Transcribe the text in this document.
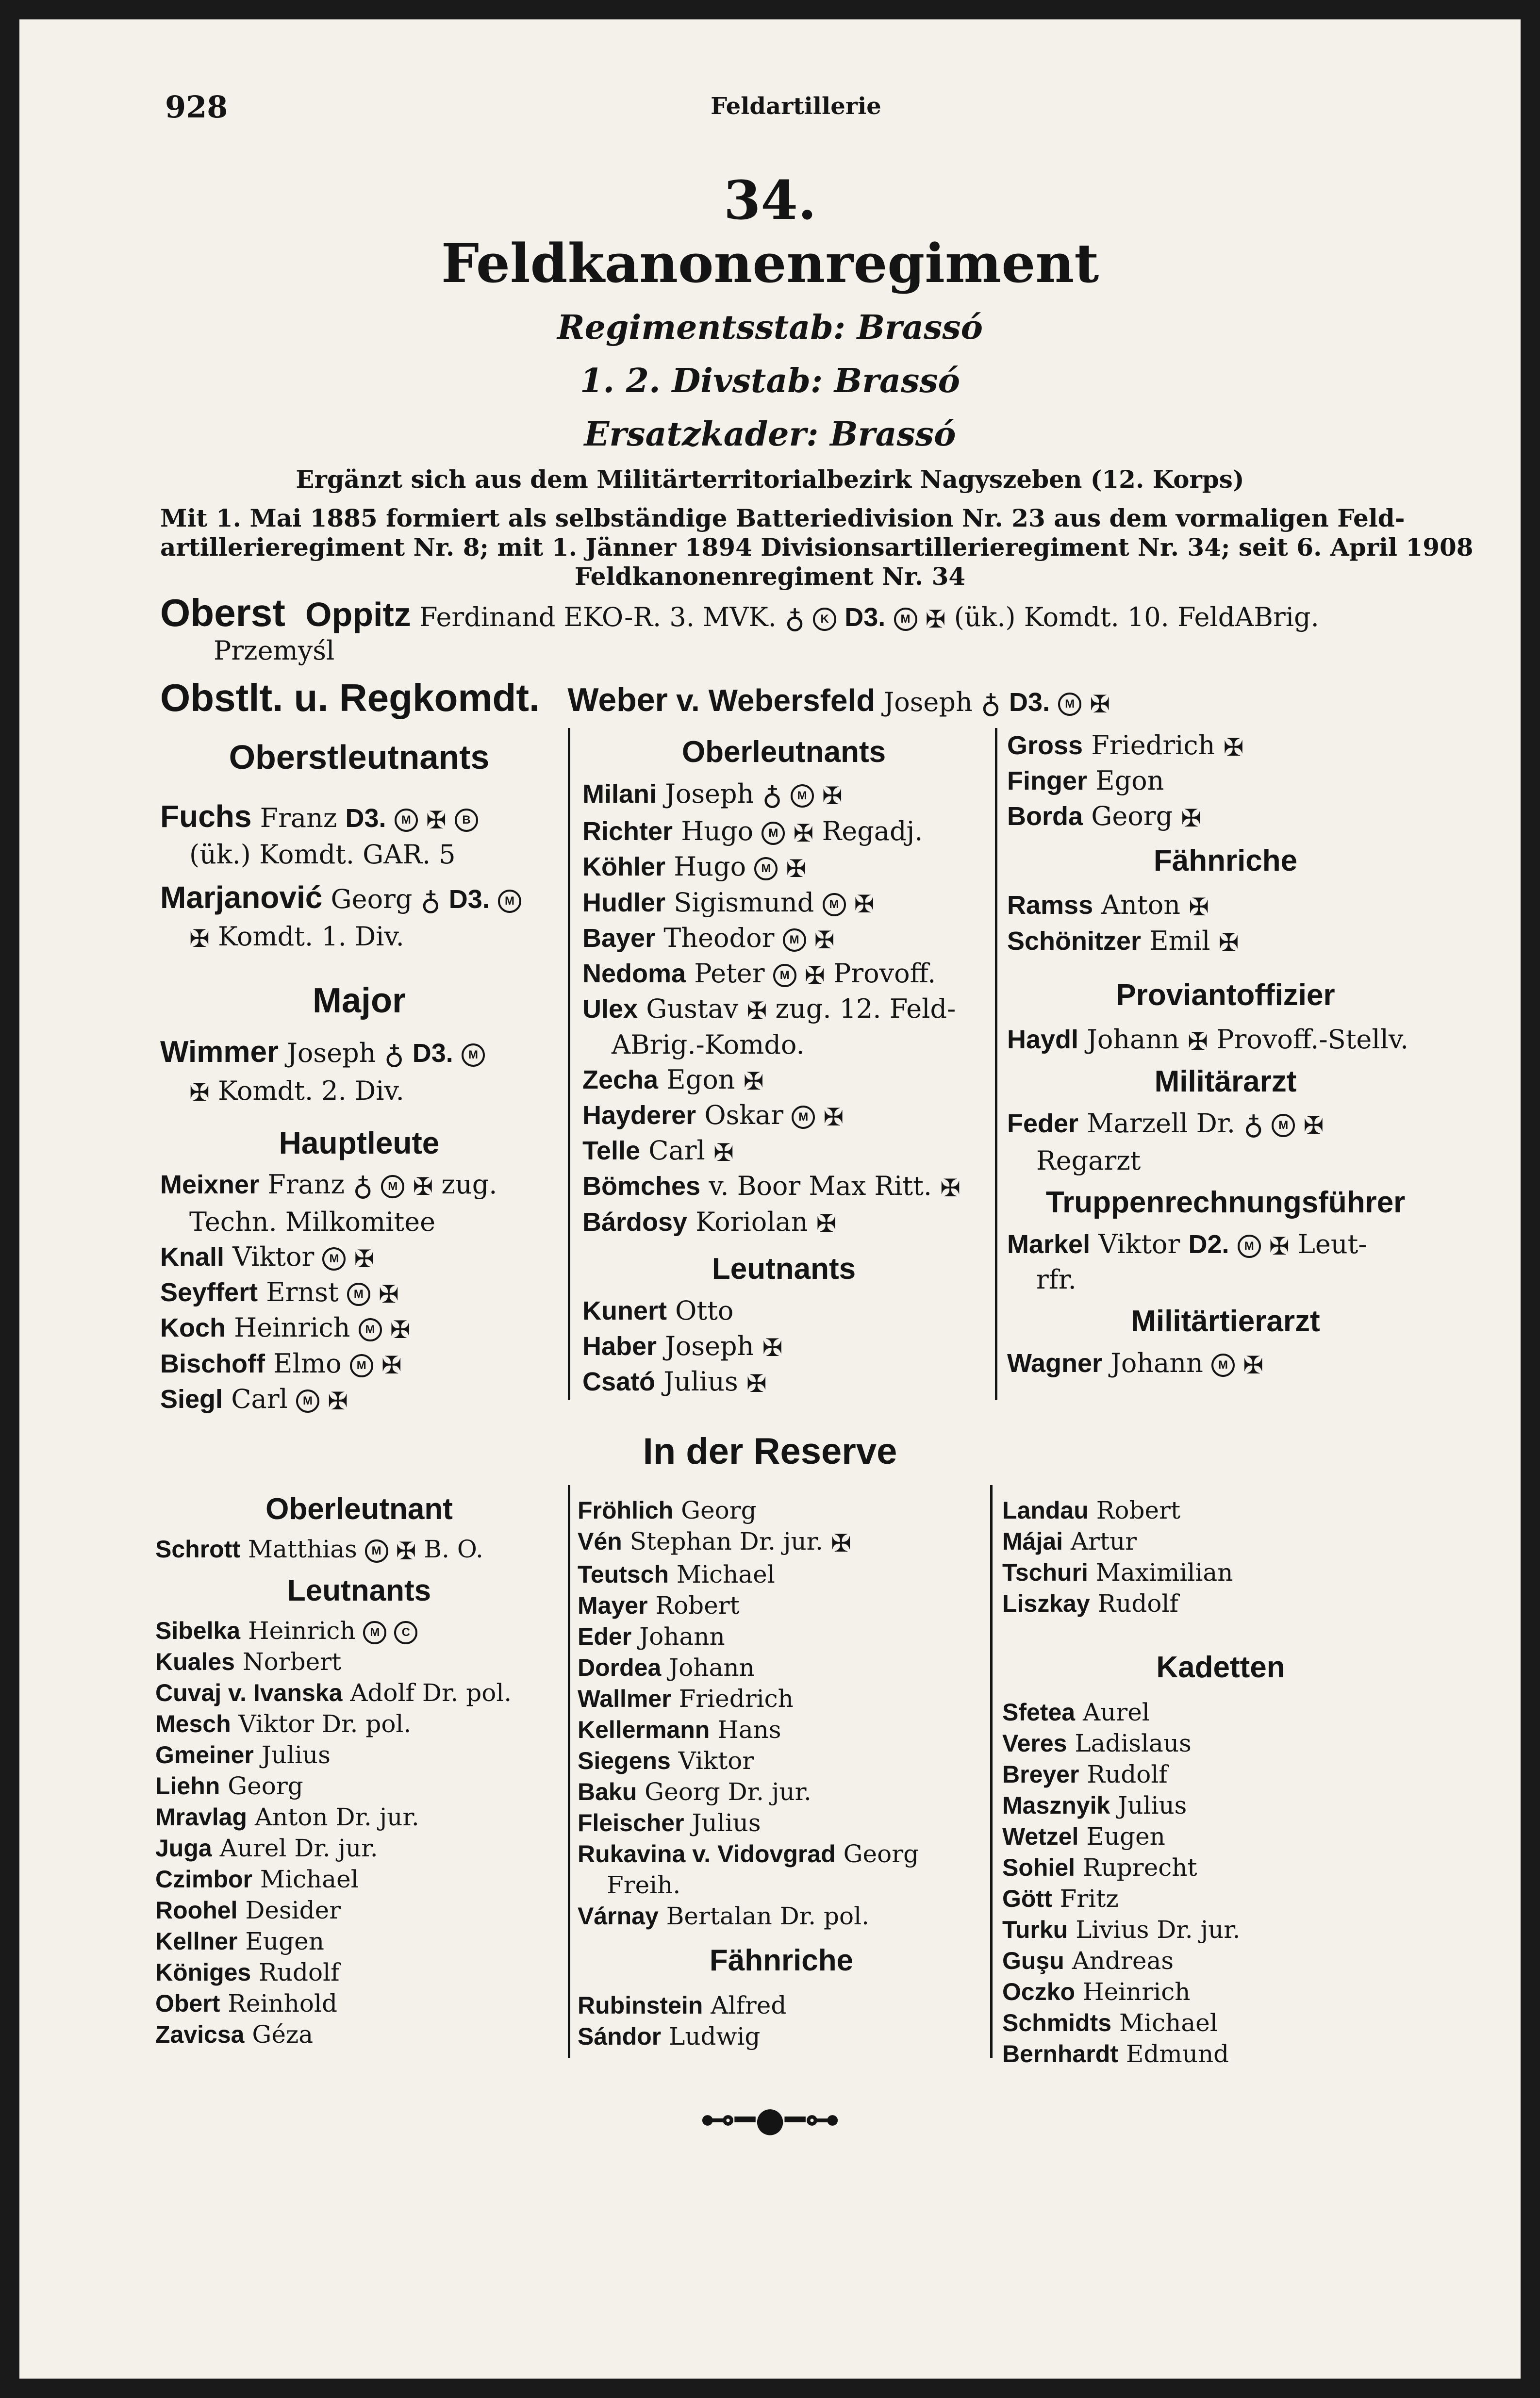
928	Feldartillerie
34.
Feldkanonenregiment
Regimentsstab: Brassó
1. 2. Divstab: Brassó
Ersatzkader: Brassó
Ergänzt sich aus dem Militärterritorialbezirk Nagyszeben (12. Korps)
Mit 1. Mai 1885 formiert als selbständige Batteriedivision Nr. 23 aus dem vormaligen Feld-
artillerieregiment Nr. 8; mit 1. Jänner 1894 Divisionsartillerieregiment Nr. 34; seit 6. April 1908
Feldkanonenregiment Nr. 34
Oberst Oppitz Ferdinand EKO-R. 3. MVK. ♁ K D3. M ✠ (ük.) Komdt. 10. FeldABrig.
Przemyśl
Obstlt. u. Regkomdt. Weber v. Webersfeld Joseph ♁ D3. M ✠
Oberstleutnants
Fuchs Franz D3. M ✠ B
(ük.) Komdt. GAR. 5
Marjanović Georg ♁ D3. M
✠ Komdt. 1. Div.
Major
Wimmer Joseph ♁ D3. M
✠ Komdt. 2. Div.
Hauptleute
Meixner Franz ♁ M ✠ zug.
Techn. Milkomitee
Knall Viktor M ✠
Seyffert Ernst M ✠
Koch Heinrich M ✠
Bischoff Elmo M ✠
Siegl Carl M ✠
Oberleutnants
Milani Joseph ♁ M ✠
Richter Hugo M ✠ Regadj.
Köhler Hugo M ✠
Hudler Sigismund M ✠
Bayer Theodor M ✠
Nedoma Peter M ✠ Provoff.
Ulex Gustav ✠ zug. 12. Feld-
ABrig.-Komdo.
Zecha Egon ✠
Hayderer Oskar M ✠
Telle Carl ✠
Bömches v. Boor Max Ritt. ✠
Bárdosy Koriolan ✠
Leutnants
Kunert Otto
Haber Joseph ✠
Csató Julius ✠
Gross Friedrich ✠
Finger Egon
Borda Georg ✠
Fähnriche
Ramss Anton ✠
Schönitzer Emil ✠
Proviantoffizier
Haydl Johann ✠ Provoff.-Stellv.
Militärarzt
Feder Marzell Dr. ♁ M ✠
Regarzt
Truppenrechnungsführer
Markel Viktor D2. M ✠ Leut-
rfr.
Militärtierarzt
Wagner Johann M ✠
In der Reserve
Oberleutnant
Schrott Matthias M ✠ B. O.
Leutnants
Sibelka Heinrich M C
Kuales Norbert
Cuvaj v. Ivanska Adolf Dr. pol.
Mesch Viktor Dr. pol.
Gmeiner Julius
Liehn Georg
Mravlag Anton Dr. jur.
Juga Aurel Dr. jur.
Czimbor Michael
Roohel Desider
Kellner Eugen
Königes Rudolf
Obert Reinhold
Zavicsa Géza
Fröhlich Georg
Vén Stephan Dr. jur. ✠
Teutsch Michael
Mayer Robert
Eder Johann
Dordea Johann
Wallmer Friedrich
Kellermann Hans
Siegens Viktor
Baku Georg Dr. jur.
Fleischer Julius
Rukavina v. Vidovgrad Georg
Freih.
Várnay Bertalan Dr. pol.
Fähnriche
Rubinstein Alfred
Sándor Ludwig
Landau Robert
Májai Artur
Tschuri Maximilian
Liszkay Rudolf
Kadetten
Sfetea Aurel
Veres Ladislaus
Breyer Rudolf
Masznyik Julius
Wetzel Eugen
Sohiel Ruprecht
Gött Fritz
Turku Livius Dr. jur.
Guşu Andreas
Oczko Heinrich
Schmidts Michael
Bernhardt Edmund
⊷━●━⊶
